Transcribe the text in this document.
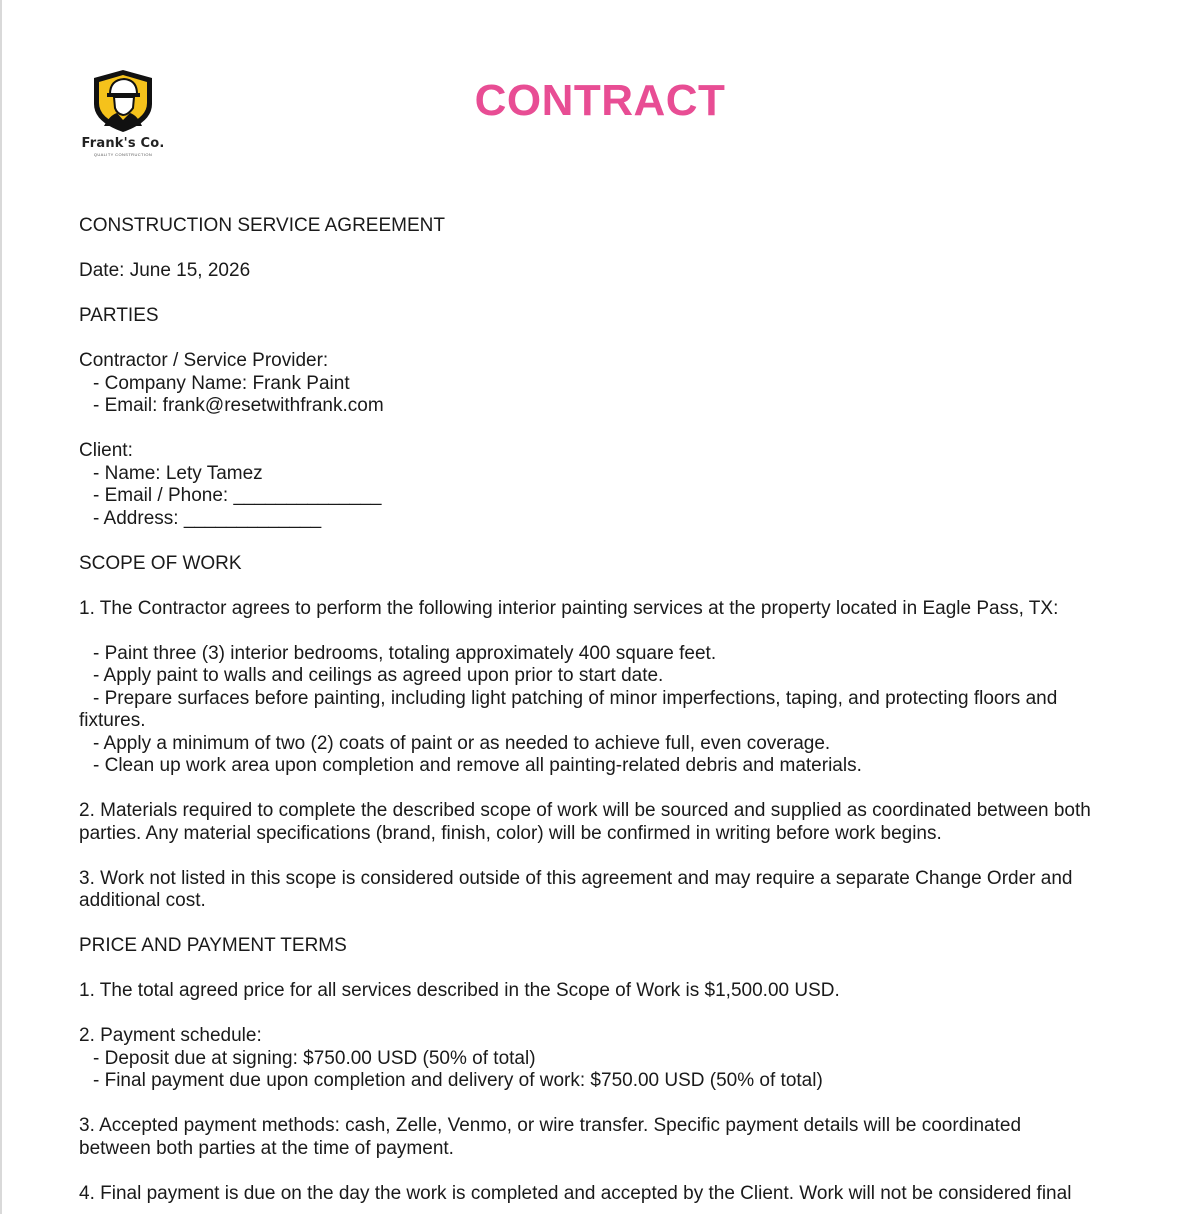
Frank's Co.
QUALITY CONSTRUCTION
CONTRACT

CONSTRUCTION SERVICE AGREEMENT

Date: June 15, 2026

PARTIES

Contractor / Service Provider:

- Company Name: Frank Paint

- Email: frank@resetwithfrank.com

Client:

- Name: Lety Tamez

- Email / Phone: ______________

- Address: _____________

SCOPE OF WORK

1. The Contractor agrees to perform the following interior painting services at the property located in Eagle Pass, TX:

- Paint three (3) interior bedrooms, totaling approximately 400 square feet.

- Apply paint to walls and ceilings as agreed upon prior to start date.

- Prepare surfaces before painting, including light patching of minor imperfections, taping, and protecting floors and

fixtures.

- Apply a minimum of two (2) coats of paint or as needed to achieve full, even coverage.

- Clean up work area upon completion and remove all painting-related debris and materials.

2. Materials required to complete the described scope of work will be sourced and supplied as coordinated between both

parties. Any material specifications (brand, finish, color) will be confirmed in writing before work begins.

3. Work not listed in this scope is considered outside of this agreement and may require a separate Change Order and

additional cost.

PRICE AND PAYMENT TERMS

1. The total agreed price for all services described in the Scope of Work is $1,500.00 USD.

2. Payment schedule:

- Deposit due at signing: $750.00 USD (50% of total)

- Final payment due upon completion and delivery of work: $750.00 USD (50% of total)

3. Accepted payment methods: cash, Zelle, Venmo, or wire transfer. Specific payment details will be coordinated

between both parties at the time of payment.

4. Final payment is due on the day the work is completed and accepted by the Client. Work will not be considered final
